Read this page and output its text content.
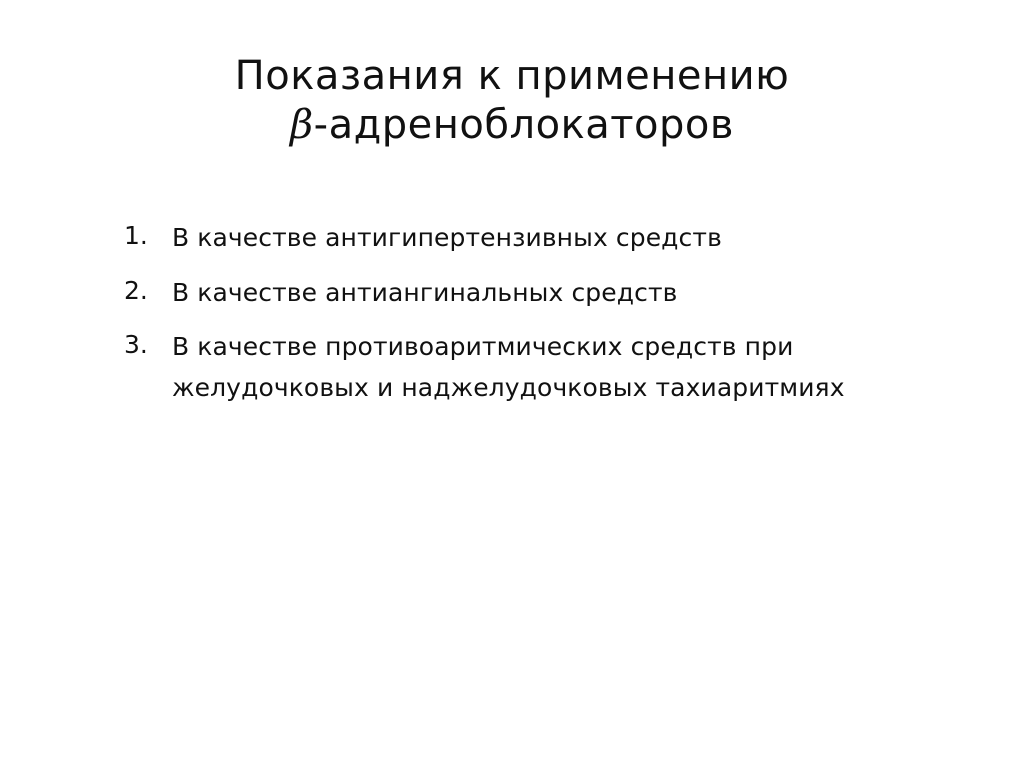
Показания к применению
β-адреноблокаторов
1. В качестве антигипертензивных средств
2. В качестве антиангинальных средств
3. В качестве противоаритмических средств при желудочковых и наджелудочковых тахиаритмиях
